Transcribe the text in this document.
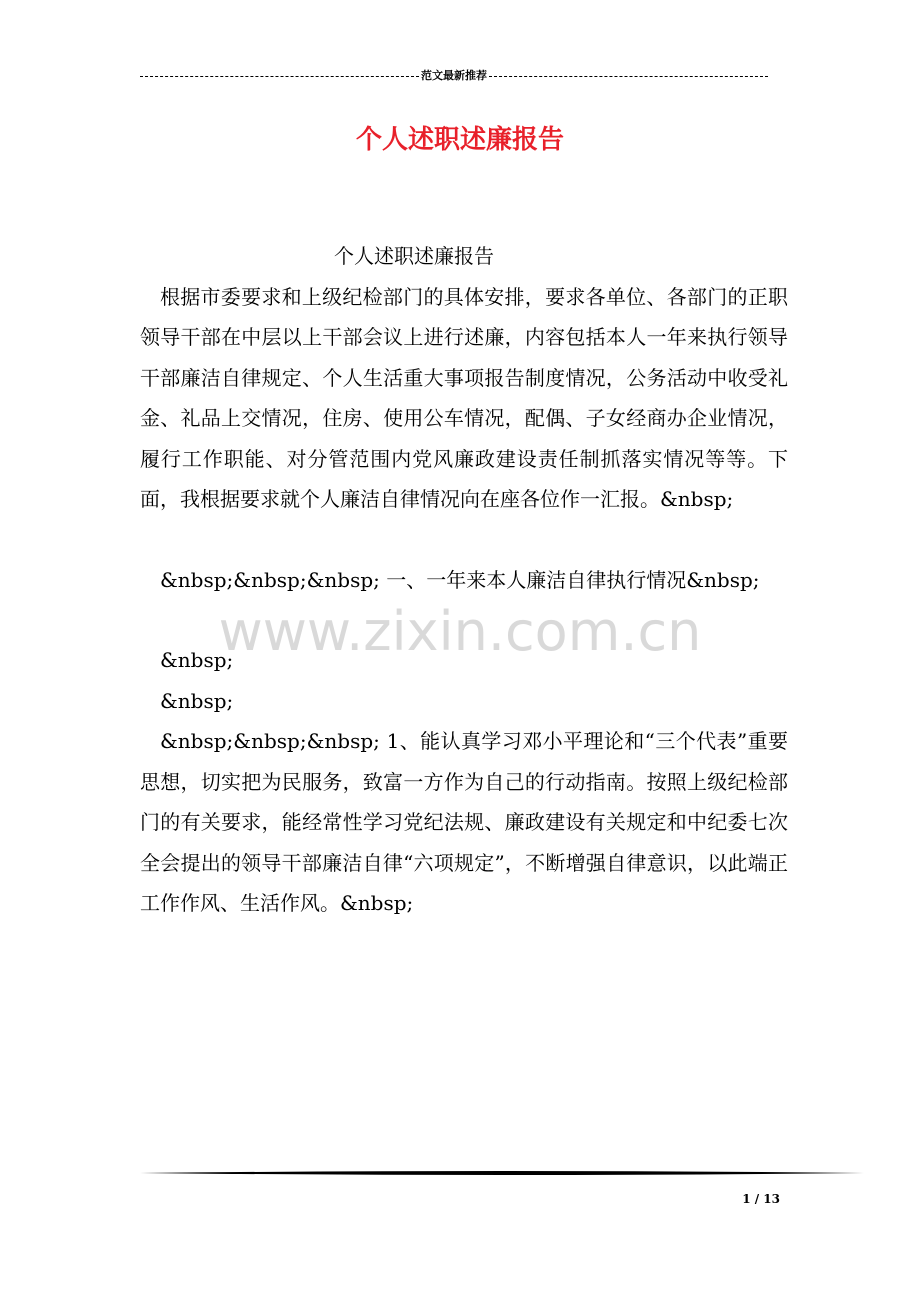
范文最新推荐
个人述职述廉报告
www.zixin.com.cn

个人述职述廉报告

根据市委要求和上级纪检部门的具体安排，要求各单位、各部门的正职领导干部在中层以上干部会议上进行述廉，内容包括本人一年来执行领导干部廉洁自律规定、个人生活重大事项报告制度情况，公务活动中收受礼金、礼品上交情况，住房、使用公车情况，配偶、子女经商办企业情况，履行工作职能、对分管范围内党风廉政建设责任制抓落实情况等等。下面，我根据要求就个人廉洁自律情况向在座各位作一汇报。&nbsp;

&nbsp;&nbsp;&nbsp; 一、一年来本人廉洁自律执行情况&nbsp;

&nbsp;

&nbsp;

&nbsp;&nbsp;&nbsp; 1、能认真学习邓小平理论和“三个代表”重要思想，切实把为民服务，致富一方作为自己的行动指南。按照上级纪检部门的有关要求，能经常性学习党纪法规、廉政建设有关规定和中纪委七次全会提出的领导干部廉洁自律“六项规定”，不断增强自律意识，以此端正工作作风、生活作风。&nbsp;

1 / 13
